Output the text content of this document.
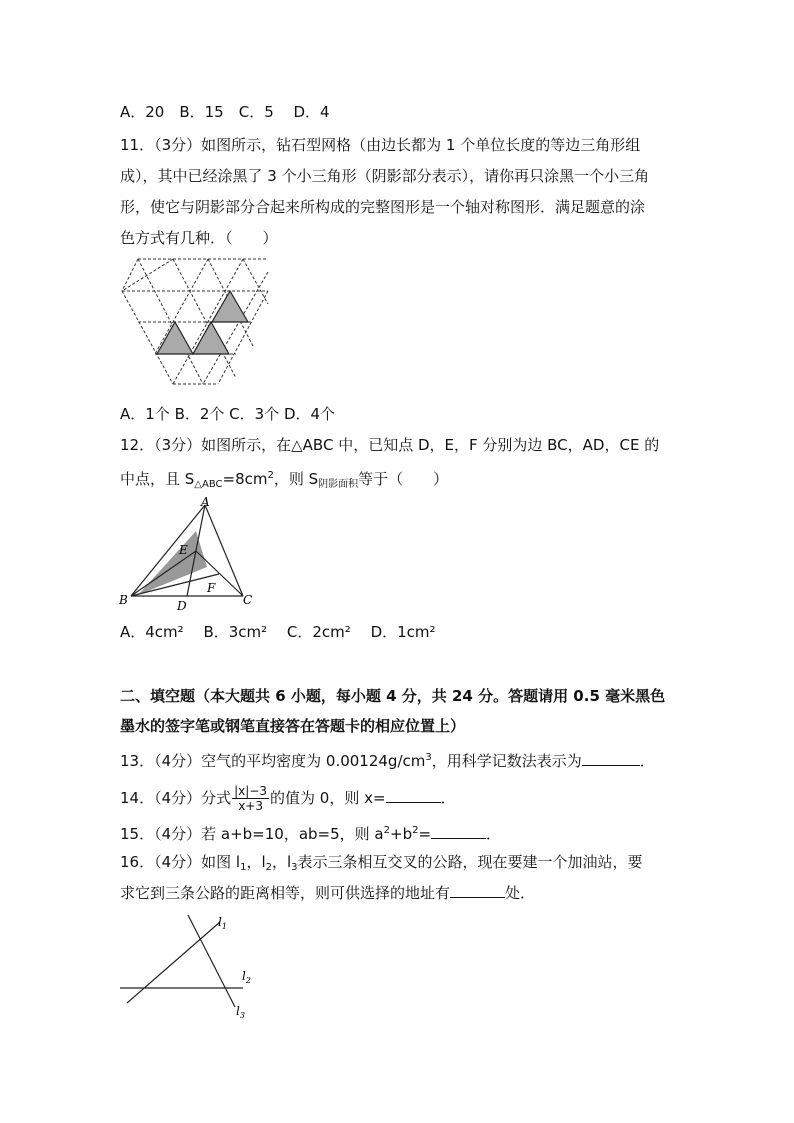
A．20　B．15　C．5　 D．4
11．（3分）如图所示，钻石型网格（由边长都为 1 个单位长度的等边三角形组
成），其中已经涂黑了 3 个小三角形（阴影部分表示），请你再只涂黑一个小三角
形，使它与阴影部分合起来所构成的完整图形是一个轴对称图形．满足题意的涂
色方式有几种．（　　）
A．1个 B．2个 C．3个 D．4个
12．（3分）如图所示，在△ABC 中，已知点 D，E，F 分别为边 BC，AD，CE 的
中点，且 $S_{\triangle ABC}=8cm^2$，则 $S_{阴影面积}$等于（　　）
A
B	C
D
E
F
A．4cm²　 B．3cm²　 C．2cm²　 D．1cm²
二、填空题（本大题共 6 小题，每小题 4 分，共 24 分。答题请用 0.5 毫米黑色
墨水的签字笔或钢笔直接答在答题卡的相应位置上）
13．（4分）空气的平均密度为 $0.00124g/cm^3$，用科学记数法表示为	．
14．（4分）分式 $\frac{|x|-3}{x+3}$ 的值为 0，则 x=	．
15．（4分）若 a+b=10，ab=5，则 $a^2+b^2=$	．
16．（4分）如图 $l_1$，$l_2$，$l_3$表示三条相互交叉的公路，现在要建一个加油站，要
求它到三条公路的距离相等，则可供选择的地址有	处．
$l_1$
$l_2$
$l_3$
